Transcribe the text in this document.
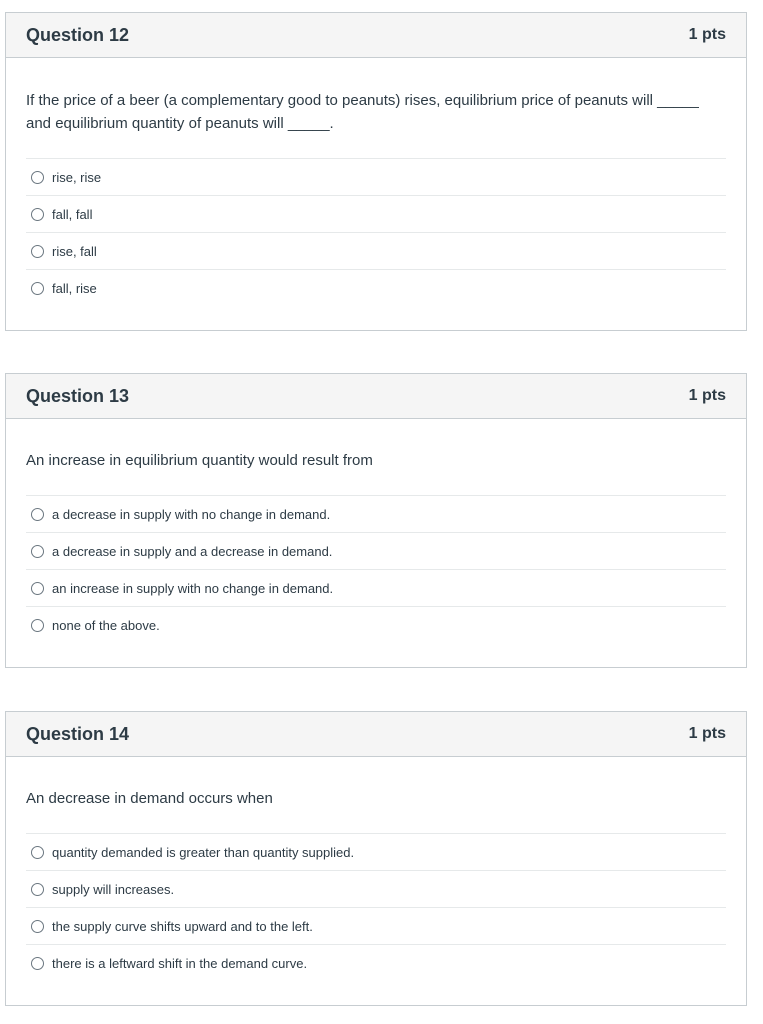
Question 12	1 pts
If the price of a beer (a complementary good to peanuts) rises, equilibrium price of peanuts will _____
and equilibrium quantity of peanuts will _____.
rise, rise
fall, fall
rise, fall
fall, rise
Question 13	1 pts
An increase in equilibrium quantity would result from
a decrease in supply with no change in demand.
a decrease in supply and a decrease in demand.
an increase in supply with no change in demand.
none of the above.
Question 14	1 pts
An decrease in demand occurs when
quantity demanded is greater than quantity supplied.
supply will increases.
the supply curve shifts upward and to the left.
there is a leftward shift in the demand curve.
